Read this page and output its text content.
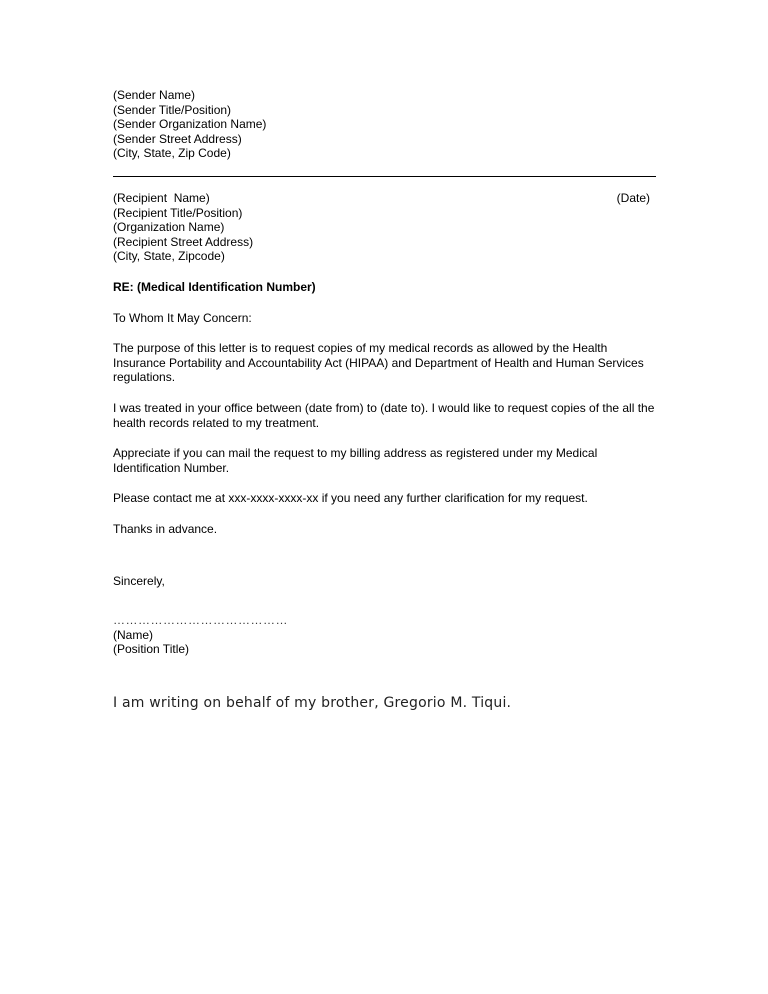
(Sender Name)
(Sender Title/Position)
(Sender Organization Name)
(Sender Street Address)
(City, State, Zip Code)
(Recipient  Name)
(Recipient Title/Position)
(Organization Name)
(Recipient Street Address)
(City, State, Zipcode)
(Date)
RE: (Medical Identification Number)
To Whom It May Concern:
The purpose of this letter is to request copies of my medical records as allowed by the Health Insurance Portability and Accountability Act (HIPAA) and Department of Health and Human Services regulations.
I was treated in your office between (date from) to (date to). I would like to request copies of the all the health records related to my treatment.
Appreciate if you can mail the request to my billing address as registered under my Medical Identification Number.
Please contact me at xxx-xxxx-xxxx-xx if you need any further clarification for my request.
Thanks in advance.
Sincerely,
……………………………………
(Name)
(Position Title)
I am writing on behalf of my brother, Gregorio M. Tiqui.
